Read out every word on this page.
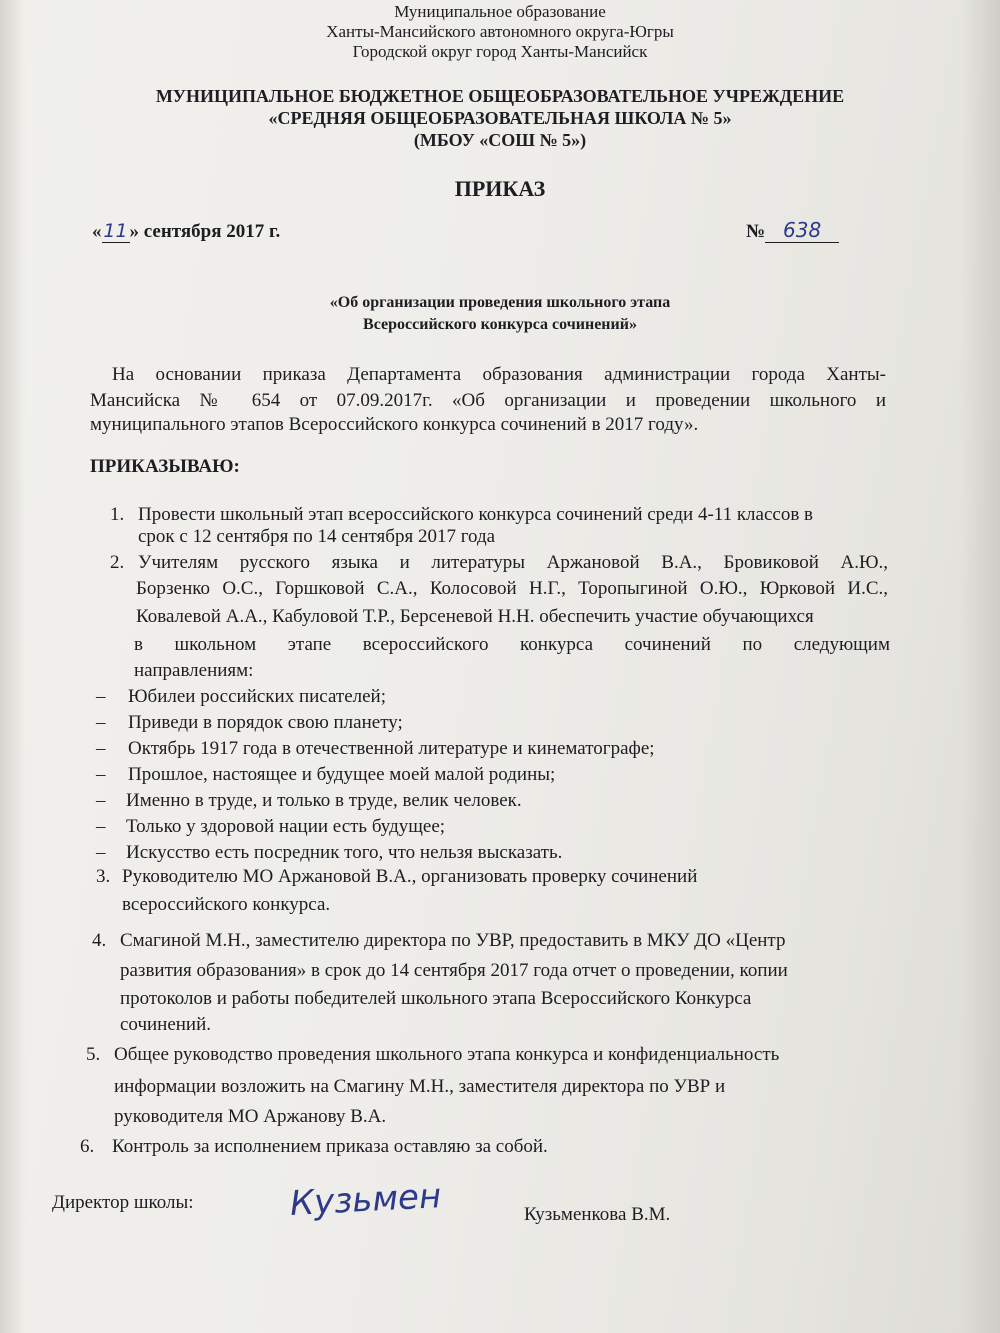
Муниципальное образование
Ханты-Мансийского автономного округа-Югры
Городской округ город Ханты-Мансийск
МУНИЦИПАЛЬНОЕ БЮДЖЕТНОЕ ОБЩЕОБРАЗОВАТЕЛЬНОЕ УЧРЕЖДЕНИЕ
«СРЕДНЯЯ ОБЩЕОБРАЗОВАТЕЛЬНАЯ ШКОЛА № 5»
(МБОУ «СОШ № 5»)
ПРИКАЗ
« 11 » сентября 2017 г.	№ 638
«Об организации проведения школьного этапа
Всероссийского конкурса сочинений»
На основании приказа Департамента образования администрации города Ханты-
Мансийска № 654 от 07.09.2017г. «Об организации и проведении школьного и
муниципального этапов Всероссийского конкурса сочинений в 2017 году».
ПРИКАЗЫВАЮ:
1. Провести школьный этап всероссийского конкурса сочинений среди 4-11 классов в
срок с 12 сентября по 14 сентября 2017 года
2. Учителям русского языка и литературы Аржановой В.А., Бровиковой А.Ю.,
Борзенко О.С., Горшковой С.А., Колосовой Н.Г., Торопыгиной О.Ю., Юрковой И.С.,
Ковалевой А.А., Кабуловой Т.Р., Берсеневой Н.Н. обеспечить участие обучающихся
в школьном этапе всероссийского конкурса сочинений по следующим
направлениям:
– Юбилеи российских писателей;
– Приведи в порядок свою планету;
– Октябрь 1917 года в отечественной литературе и кинематографе;
– Прошлое, настоящее и будущее моей малой родины;
– Именно в труде, и только в труде, велик человек.
– Только у здоровой нации есть будущее;
– Искусство есть посредник того, что нельзя высказать.
3. Руководителю МО Аржановой В.А., организовать проверку сочинений
всероссийского конкурса.
4. Смагиной М.Н., заместителю директора по УВР, предоставить в МКУ ДО «Центр
развития образования» в срок до 14 сентября 2017 года отчет о проведении, копии
протоколов и работы победителей школьного этапа Всероссийского Конкурса
сочинений.
5. Общее руководство проведения школьного этапа конкурса и конфиденциальность
информации возложить на Смагину М.Н., заместителя директора по УВР и
руководителя МО Аржанову В.А.
6. Контроль за исполнением приказа оставляю за собой.
Директор школы:	Кузьмен	Кузьменкова В.М.
